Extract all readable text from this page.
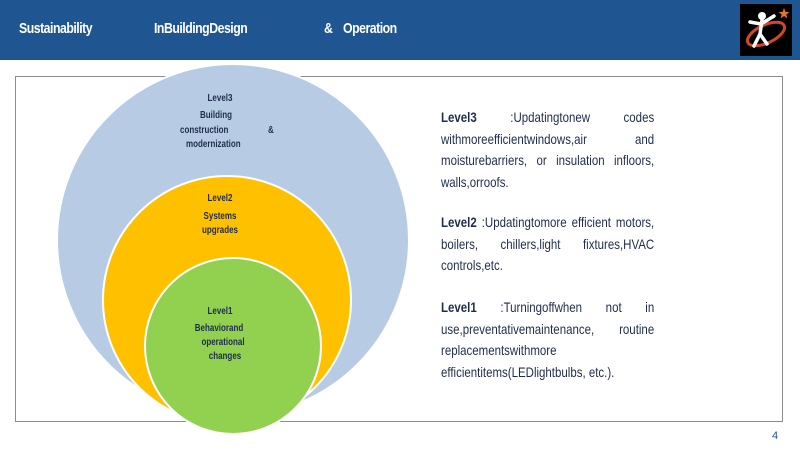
Sustainability	InBuildingDesign	& Operation
Level3
Building
construction	&
modernization
Level2
Systems
upgrades
Level1
Behaviorand
operational
changes
Level3 :Updatingtonew codes withmoreefficientwindows,air and moisturebarriers, or insulation infloors, walls,orroofs.
Level2 :Updatingtomore efficient motors, boilers, chillers,light fixtures,HVAC controls,etc.
Level1 :Turningoffwhen not in use,preventativemaintenance, routine replacementswithmore efficientitems(LEDlightbulbs, etc.).
4
